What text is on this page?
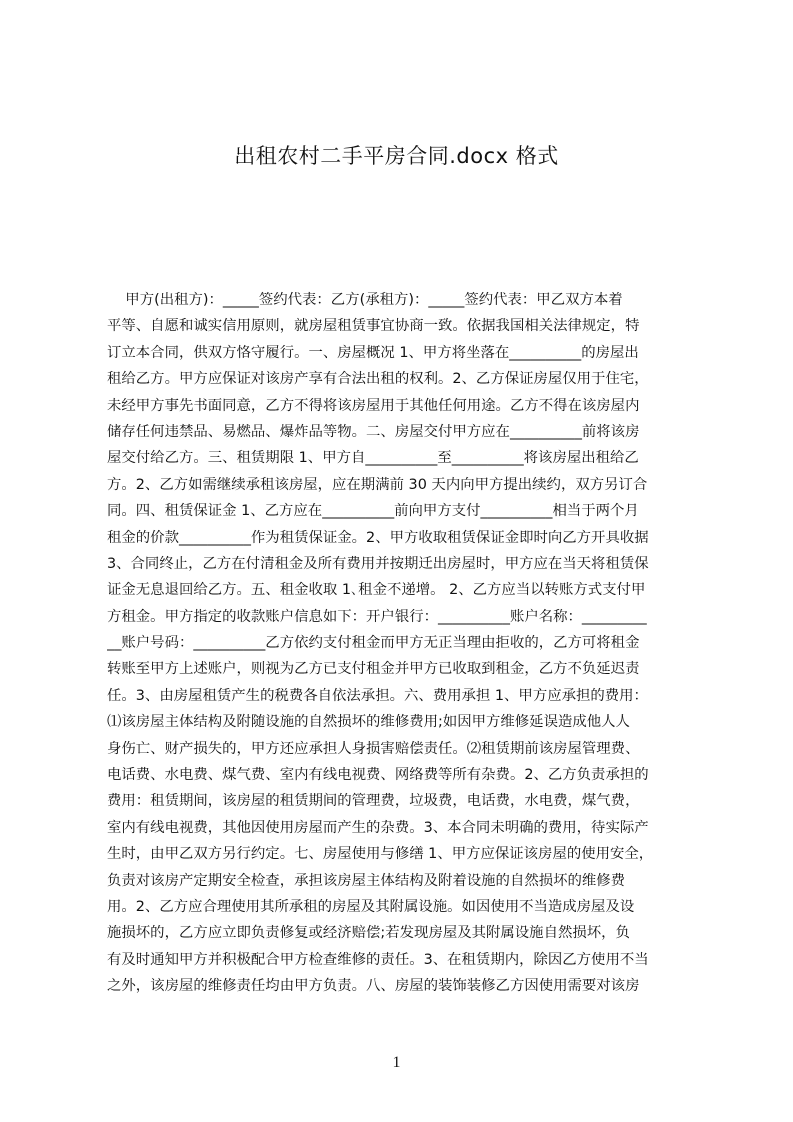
出租农村二手平房合同.docx 格式
甲方(出租方)：_____签约代表：乙方(承租方)：_____签约代表：甲乙双方本着
平等、自愿和诚实信用原则，就房屋租赁事宜协商一致。依据我国相关法律规定，特
订立本合同，供双方恪守履行。一、房屋概况 1、甲方将坐落在__________的房屋出
租给乙方。甲方应保证对该房产享有合法出租的权利。2、乙方保证房屋仅用于住宅，
未经甲方事先书面同意，乙方不得将该房屋用于其他任何用途。乙方不得在该房屋内
储存任何违禁品、易燃品、爆炸品等物。二、房屋交付甲方应在__________前将该房
屋交付给乙方。三、租赁期限 1、甲方自__________至__________将该房屋出租给乙
方。2、乙方如需继续承租该房屋，应在期满前 30 天内向甲方提出续约，双方另订合
同。四、租赁保证金 1、乙方应在__________前向甲方支付__________相当于两个月
租金的价款__________作为租赁保证金。2、甲方收取租赁保证金即时向乙方开具收据
3、合同终止，乙方在付清租金及所有费用并按期迁出房屋时，甲方应在当天将租赁保
证金无息退回给乙方。五、租金收取 1､租金不递增。 2、乙方应当以转账方式支付甲
方租金。甲方指定的收款账户信息如下：开户银行：__________账户名称：_________
__账户号码：__________乙方依约支付租金而甲方无正当理由拒收的，乙方可将租金
转账至甲方上述账户，则视为乙方已支付租金并甲方已收取到租金，乙方不负延迟责
任。3、由房屋租赁产生的税费各自依法承担。六、费用承担 1、甲方应承担的费用：
⑴该房屋主体结构及附随设施的自然损坏的维修费用;如因甲方维修延误造成他人人
身伤亡、财产损失的，甲方还应承担人身损害赔偿责任。⑵租赁期前该房屋管理费、
电话费、水电费、煤气费、室内有线电视费、网络费等所有杂费。2、乙方负责承担的
费用：租赁期间，该房屋的租赁期间的管理费，垃圾费，电话费，水电费，煤气费，
室内有线电视费，其他因使用房屋而产生的杂费。3、本合同未明确的费用，待实际产
生时，由甲乙双方另行约定。七、房屋使用与修缮 1、甲方应保证该房屋的使用安全，
负责对该房产定期安全检查，承担该房屋主体结构及附着设施的自然损坏的维修费
用。2、乙方应合理使用其所承租的房屋及其附属设施。如因使用不当造成房屋及设
施损坏的，乙方应立即负责修复或经济赔偿;若发现房屋及其附属设施自然损坏，负
有及时通知甲方并积极配合甲方检查维修的责任。3、在租赁期内，除因乙方使用不当
之外，该房屋的维修责任均由甲方负责。八、房屋的装饰装修乙方因使用需要对该房
1
